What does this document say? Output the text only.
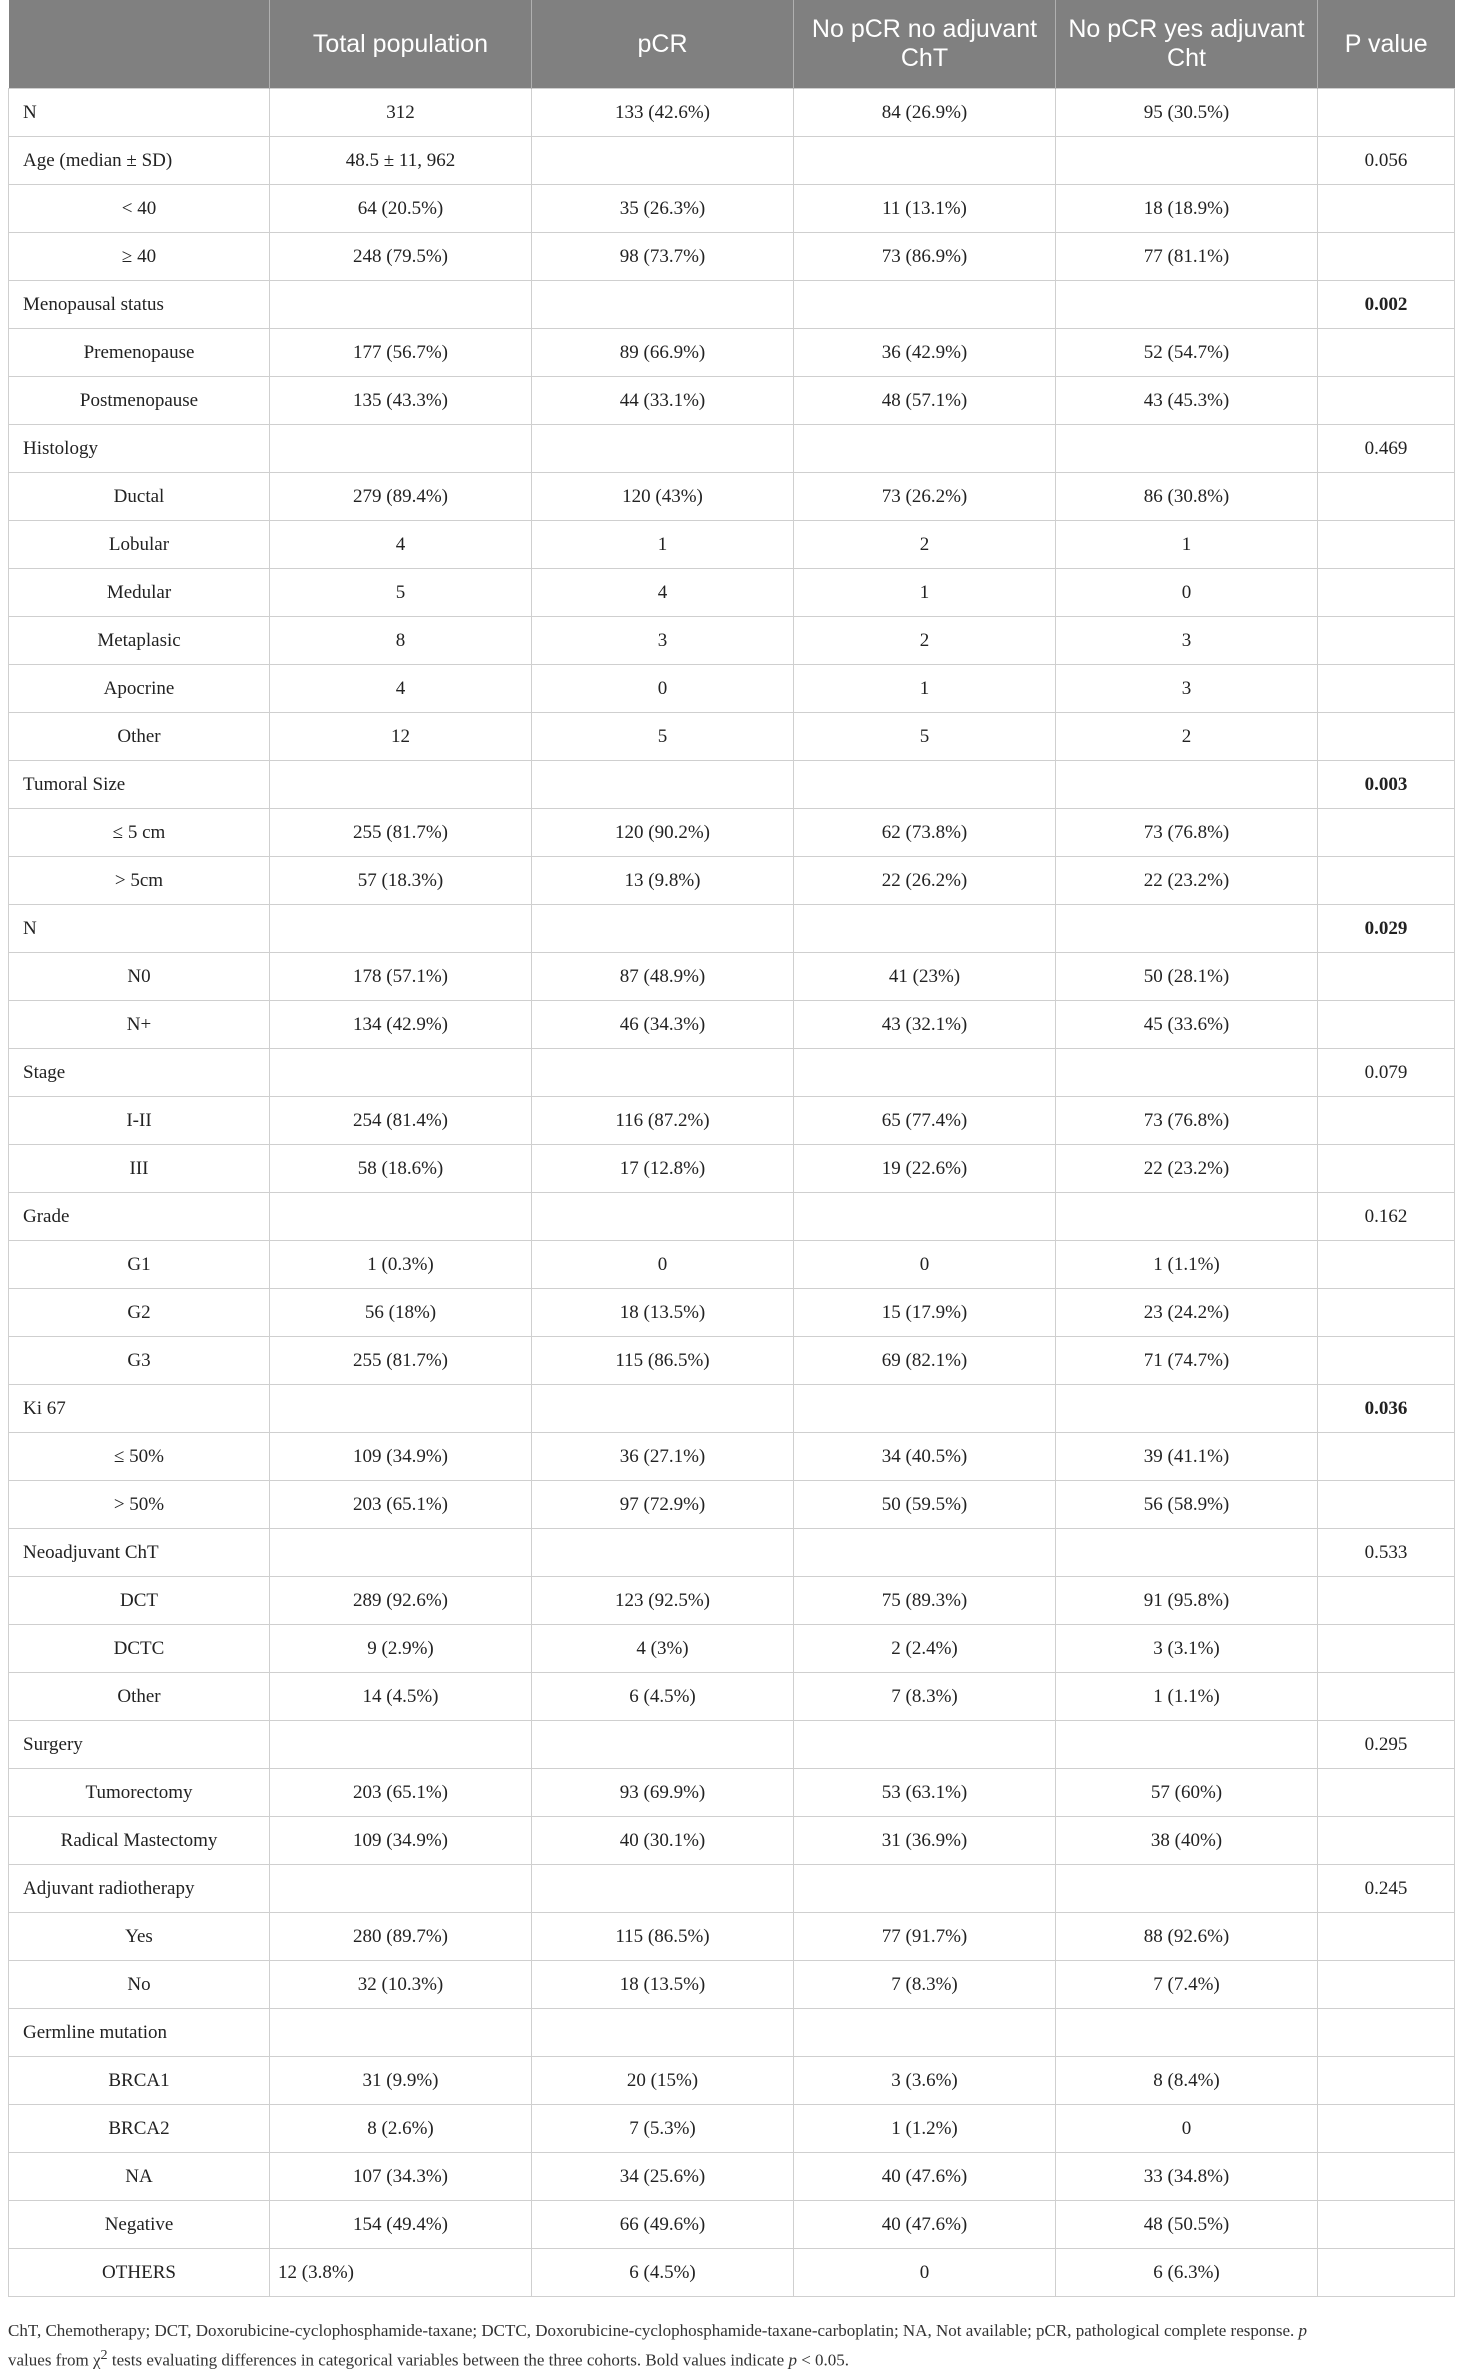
	Total population	pCR	No pCR no adjuvant ChT	No pCR yes adjuvant Cht	P value
N	312	133 (42.6%)	84 (26.9%)	95 (30.5%)	
Age (median ± SD)	48.5 ± 11, 962				0.056
< 40	64 (20.5%)	35 (26.3%)	11 (13.1%)	18 (18.9%)	
≥ 40	248 (79.5%)	98 (73.7%)	73 (86.9%)	77 (81.1%)	
Menopausal status					0.002
Premenopause	177 (56.7%)	89 (66.9%)	36 (42.9%)	52 (54.7%)	
Postmenopause	135 (43.3%)	44 (33.1%)	48 (57.1%)	43 (45.3%)	
Histology					0.469
Ductal	279 (89.4%)	120 (43%)	73 (26.2%)	86 (30.8%)	
Lobular	4	1	2	1	
Medular	5	4	1	0	
Metaplasic	8	3	2	3	
Apocrine	4	0	1	3	
Other	12	5	5	2	
Tumoral Size					0.003
≤ 5 cm	255 (81.7%)	120 (90.2%)	62 (73.8%)	73 (76.8%)	
> 5cm	57 (18.3%)	13 (9.8%)	22 (26.2%)	22 (23.2%)	
N					0.029
N0	178 (57.1%)	87 (48.9%)	41 (23%)	50 (28.1%)	
N+	134 (42.9%)	46 (34.3%)	43 (32.1%)	45 (33.6%)	
Stage					0.079
I-II	254 (81.4%)	116 (87.2%)	65 (77.4%)	73 (76.8%)	
III	58 (18.6%)	17 (12.8%)	19 (22.6%)	22 (23.2%)	
Grade					0.162
G1	1 (0.3%)	0	0	1 (1.1%)	
G2	56 (18%)	18 (13.5%)	15 (17.9%)	23 (24.2%)	
G3	255 (81.7%)	115 (86.5%)	69 (82.1%)	71 (74.7%)	
Ki 67					0.036
≤ 50%	109 (34.9%)	36 (27.1%)	34 (40.5%)	39 (41.1%)	
> 50%	203 (65.1%)	97 (72.9%)	50 (59.5%)	56 (58.9%)	
Neoadjuvant ChT					0.533
DCT	289 (92.6%)	123 (92.5%)	75 (89.3%)	91 (95.8%)	
DCTC	9 (2.9%)	4 (3%)	2 (2.4%)	3 (3.1%)	
Other	14 (4.5%)	6 (4.5%)	7 (8.3%)	1 (1.1%)	
Surgery					0.295
Tumorectomy	203 (65.1%)	93 (69.9%)	53 (63.1%)	57 (60%)	
Radical Mastectomy	109 (34.9%)	40 (30.1%)	31 (36.9%)	38 (40%)	
Adjuvant radiotherapy					0.245
Yes	280 (89.7%)	115 (86.5%)	77 (91.7%)	88 (92.6%)	
No	32 (10.3%)	18 (13.5%)	7 (8.3%)	7 (7.4%)	
Germline mutation					
BRCA1	31 (9.9%)	20 (15%)	3 (3.6%)	8 (8.4%)	
BRCA2	8 (2.6%)	7 (5.3%)	1 (1.2%)	0	
NA	107 (34.3%)	34 (25.6%)	40 (47.6%)	33 (34.8%)	
Negative	154 (49.4%)	66 (49.6%)	40 (47.6%)	48 (50.5%)	
OTHERS	12 (3.8%)	6 (4.5%)	0	6 (6.3%)	
ChT, Chemotherapy; DCT, Doxorubicine-cyclophosphamide-taxane; DCTC, Doxorubicine-cyclophosphamide-taxane-carboplatin; NA, Not available; pCR, pathological complete response. p
values from $\chi^2$ tests evaluating differences in categorical variables between the three cohorts. Bold values indicate p < 0.05.
